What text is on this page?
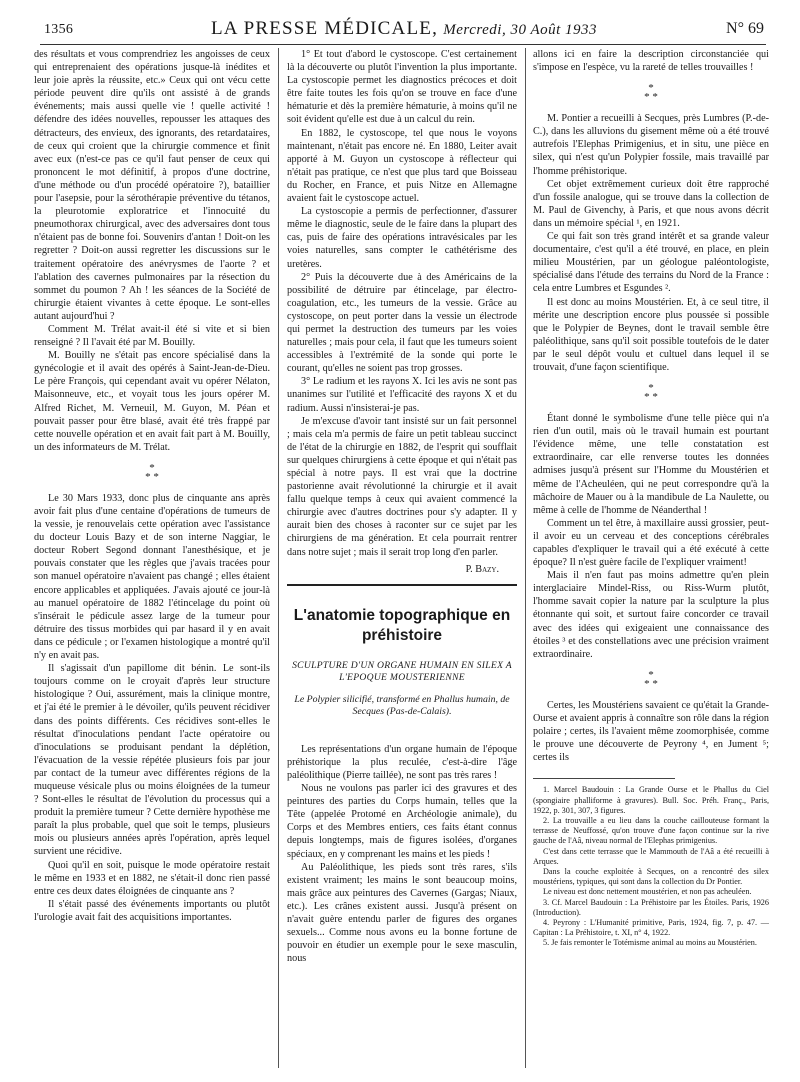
1356	LA PRESSE MÉDICALE, Mercredi, 30 Août 1933	N° 69

des résultats et vous comprendriez les angoisses de ceux qui entreprenaient des opérations jusque-là inédites et leur joie après la réussite, etc.» Ceux qui ont vécu cette période peuvent dire qu'ils ont assisté à de grands événements; mais aussi quelle vie ! quelle activité ! défendre des idées nouvelles, repousser les attaques des détracteurs, des envieux, des ignorants, des retardataires, de ceux qui croient que la chirurgie commence et finit avec eux (n'est-ce pas ce qu'il faut penser de ceux qui prononcent le mot définitif, à propos d'une doctrine, d'une méthode ou d'un procédé opératoire ?), bataillier pour l'asepsie, pour la sérothérapie préventive du tétanos, la pleurotomie exploratrice et l'innocuité du pneumothorax chirurgical, avec des adversaires dont tous n'étaient pas de bonne foi. Souvenirs d'antan ! Doit-on les regretter ? Doit-on aussi regretter les discussions sur le traitement opératoire des anévrysmes de l'aorte ? et l'ablation des cavernes pulmonaires par la résection du sommet du poumon ? Ah ! les séances de la Société de chirurgie étaient vivantes à cette époque. Le sont-elles autant aujourd'hui ?

Comment M. Trélat avait-il été si vite et si bien renseigné ? Il l'avait été par M. Bouilly.

M. Bouilly ne s'était pas encore spécialisé dans la gynécologie et il avait des opérés à Saint-Jean-de-Dieu. Le père François, qui cependant avait vu opérer Nélaton, Maisonneuve, etc., et voyait tous les jours opérer M. Alfred Richet, M. Verneuil, M. Guyon, M. Péan et pouvait passer pour être blasé, avait été très frappé par cette nouvelle opération et en avait fait part à M. Bouilly, un des informateurs de M. Trélat.

*
* *

Le 30 Mars 1933, donc plus de cinquante ans après avoir fait plus d'une centaine d'opérations de tumeurs de la vessie, je renouvelais cette opération avec l'assistance du docteur Louis Bazy et de son interne Naggiar, le docteur Robert Segond donnant l'anesthésique, et je pouvais constater que les règles que j'avais tracées pour son manuel opératoire n'avaient pas changé ; elles étaient encore applicables et appliquées. J'avais ajouté ce jour-là au manuel opératoire de 1882 l'étincelage du point où s'insérait le pédicule assez large de la tumeur pour détruire des tissus morbides qui par hasard il y en avait dans ce pédicule ; or l'examen histologique a montré qu'il n'y en avait pas.

Il s'agissait d'un papillome dit bénin. Le sont-ils toujours comme on le croyait d'après leur structure histologique ? Oui, assurément, mais la clinique montre, et j'ai été le premier à le dévoiler, qu'ils peuvent récidiver dans des points différents. Ces récidives sont-elles le résultat d'inoculations pendant l'acte opératoire ou d'inoculations se produisant pendant la déplétion, l'évacuation de la vessie répétée plusieurs fois par jour par contact de la tumeur avec différentes régions de la muqueuse vésicale plus ou moins éloignées de la tumeur ? Sont-elles le résultat de l'évolution du processus qui a produit la première tumeur ? Cette dernière hypothèse me paraît la plus probable, quel que soit le temps, plusieurs mois ou plusieurs années après l'opération, après lequel survient une récidive.

Quoi qu'il en soit, puisque le mode opératoire restait le même en 1933 et en 1882, ne s'était-il donc rien passé entre ces deux dates éloignées de cinquante ans ?

Il s'était passé des événements importants ou plutôt l'urologie avait fait des acquisitions importantes.

1° Et tout d'abord le cystoscope. C'est certainement là la découverte ou plutôt l'invention la plus importante. La cystoscopie permet les diagnostics précoces et doit être faite toutes les fois qu'on se trouve en face d'une hématurie et dès la première hématurie, à moins qu'il ne soit évident qu'elle est due à un calcul du rein.

En 1882, le cystoscope, tel que nous le voyons maintenant, n'était pas encore né. En 1880, Leiter avait apporté à M. Guyon un cystoscope à réflecteur qui n'était pas pratique, ce n'est que plus tard que Boisseau du Rocher, en France, et puis Nitze en Allemagne avaient fait le cystoscope actuel.

La cystoscopie a permis de perfectionner, d'assurer même le diagnostic, seule de le faire dans la plupart des cas, puis de faire des opérations intravésicales par les voies naturelles, sans compter le cathétérisme des uretères.

2° Puis la découverte due à des Américains de la possibilité de détruire par étincelage, par électro-coagulation, etc., les tumeurs de la vessie. Grâce au cystoscope, on peut porter dans la vessie un électrode qui permet la destruction des tumeurs par les voies naturelles ; mais pour cela, il faut que les tumeurs soient accessibles à l'extrémité de la sonde qui porte le courant, qu'elles ne soient pas trop grosses.

3° Le radium et les rayons X. Ici les avis ne sont pas unanimes sur l'utilité et l'efficacité des rayons X et du radium. Aussi n'insisterai-je pas.

Je m'excuse d'avoir tant insisté sur un fait personnel ; mais cela m'a permis de faire un petit tableau succinct de l'état de la chirurgie en 1882, de l'esprit qui soufflait sur quelques chirurgiens à cette époque et qui n'était pas spécial à notre pays. Il est vrai que la doctrine pastorienne avait révolutionné la chirurgie et il avait fallu quelque temps à ceux qui avaient commencé la chirurgie avec d'autres doctrines pour s'y adapter. Il y aurait bien des choses à raconter sur ce sujet par les chirurgiens de ma génération. Et cela pourrait rentrer dans notre sujet ; mais il serait trop long d'en parler.

P. Bazy.
L'anatomie topographique en préhistoire
SCULPTURE D'UN ORGANE HUMAIN EN SILEX A L'EPOQUE MOUSTERIENNE
Le Polypier silicifié, transformé en Phallus humain, de Secques (Pas-de-Calais).

Les représentations d'un organe humain de l'époque préhistorique la plus reculée, c'est-à-dire l'âge paléolithique (Pierre taillée), ne sont pas très rares !

Nous ne voulons pas parler ici des gravures et des peintures des parties du Corps humain, telles que la Tête (appelée Protomé en Archéologie animale), du Corps et des Membres entiers, ces faits étant connus depuis longtemps, mais de figures isolées, d'organes spéciaux, en y comprenant les mains et les pieds !

Au Paléolithique, les pieds sont très rares, s'ils existent vraiment; les mains le sont beaucoup moins, mais grâce aux peintures des Cavernes (Gargas; Niaux, etc.). Les crânes existent aussi. Jusqu'à présent on n'avait guère entendu parler de figures des organes sexuels... Comme nous avons eu la bonne fortune de pouvoir en étudier un exemple pour le sexe masculin, nous

allons ici en faire la description circonstanciée qui s'impose en l'espèce, vu la rareté de telles trouvailles !

*
* *

M. Pontier a recueilli à Secques, près Lumbres (P.-de-C.), dans les alluvions du gisement même où a été trouvé autrefois l'Elephas Primigenius, et in situ, une pièce en silex, qui n'est qu'un Polypier fossile, mais travaillé par l'homme préhistorique.

Cet objet extrêmement curieux doit être rapproché d'un fossile analogue, qui se trouve dans la collection de M. Paul de Givenchy, à Paris, et que nous avons décrit dans un mémoire spécial ¹, en 1921.

Ce qui fait son très grand intérêt et sa grande valeur documentaire, c'est qu'il a été trouvé, en place, en plein milieu Moustérien, par un géologue paléontologiste, spécialisé dans l'étude des terrains du Nord de la France : cela entre Lumbres et Esgundes ².

Il est donc au moins Moustérien. Et, à ce seul titre, il mérite une description encore plus poussée si possible que le Polypier de Beynes, dont le travail semble être paléolithique, sans qu'il soit possible toutefois de le dater par le seul dépôt voulu et cultuel dans lequel il se trouvait, d'une façon scientifique.

*
* *

Étant donné le symbolisme d'une telle pièce qui n'a rien d'un outil, mais où le travail humain est pourtant l'évidence même, une telle constatation est extraordinaire, car elle renverse toutes les données admises jusqu'à présent sur l'Homme du Moustérien et même de l'Acheuléen, qui ne peut correspondre qu'à la mâchoire de Mauer ou à la mandibule de La Naulette, ou même à celle de l'homme de Néanderthal !

Comment un tel être, à maxillaire aussi grossier, peut-il avoir eu un cerveau et des conceptions cérébrales capables d'expliquer le travail qui a été exécuté à cette époque? Il n'est guère facile de l'expliquer vraiment!

Mais il n'en faut pas moins admettre qu'en plein interglaciaire Mindel-Riss, ou Riss-Wurm plutôt, l'homme savait copier la nature par la sculpture la plus étonnante qui soit, et surtout faire concorder ce travail avec des idées qui exigeaient une connaissance des étoiles ³ et des constellations avec une précision vraiment extraordinaire.

*
* *

Certes, les Moustériens savaient ce qu'était la Grande-Ourse et avaient appris à connaître son rôle dans la région polaire ; certes, ils l'avaient même zoomorphisée, comme le prouve une découverte de Peyrony ⁴, en Jument ⁵; certes ils

1. Marcel Baudouin : La Grande Ourse et le Phallus du Ciel (spongiaire phalliforme à gravures). Bull. Soc. Préh. Franç., Paris, 1922, p. 301, 307, 3 figures.

2. La trouvaille a eu lieu dans la couche caillouteuse formant la terrasse de Neuffossé, qu'on trouve d'une façon continue sur la rive gauche de l'Aâ, niveau normal de l'Elephas primigenius.

C'est dans cette terrasse que le Mammouth de l'Aâ a été recueilli à Arques.

Dans la couche exploitée à Secques, on a rencontré des silex moustériens, typiques, qui sont dans la collection du Dr Pontier.

Le niveau est donc nettement moustérien, et non pas acheuléen.

3. Cf. Marcel Baudouin : La Préhistoire par les Étoiles. Paris, 1926 (Introduction).

4. Peyrony : L'Humanité primitive, Paris, 1924, fig. 7, p. 47. — Capitan : La Préhistoire, t. XI, n° 4, 1922.

5. Je fais remonter le Totémisme animal au moins au Moustérien.
